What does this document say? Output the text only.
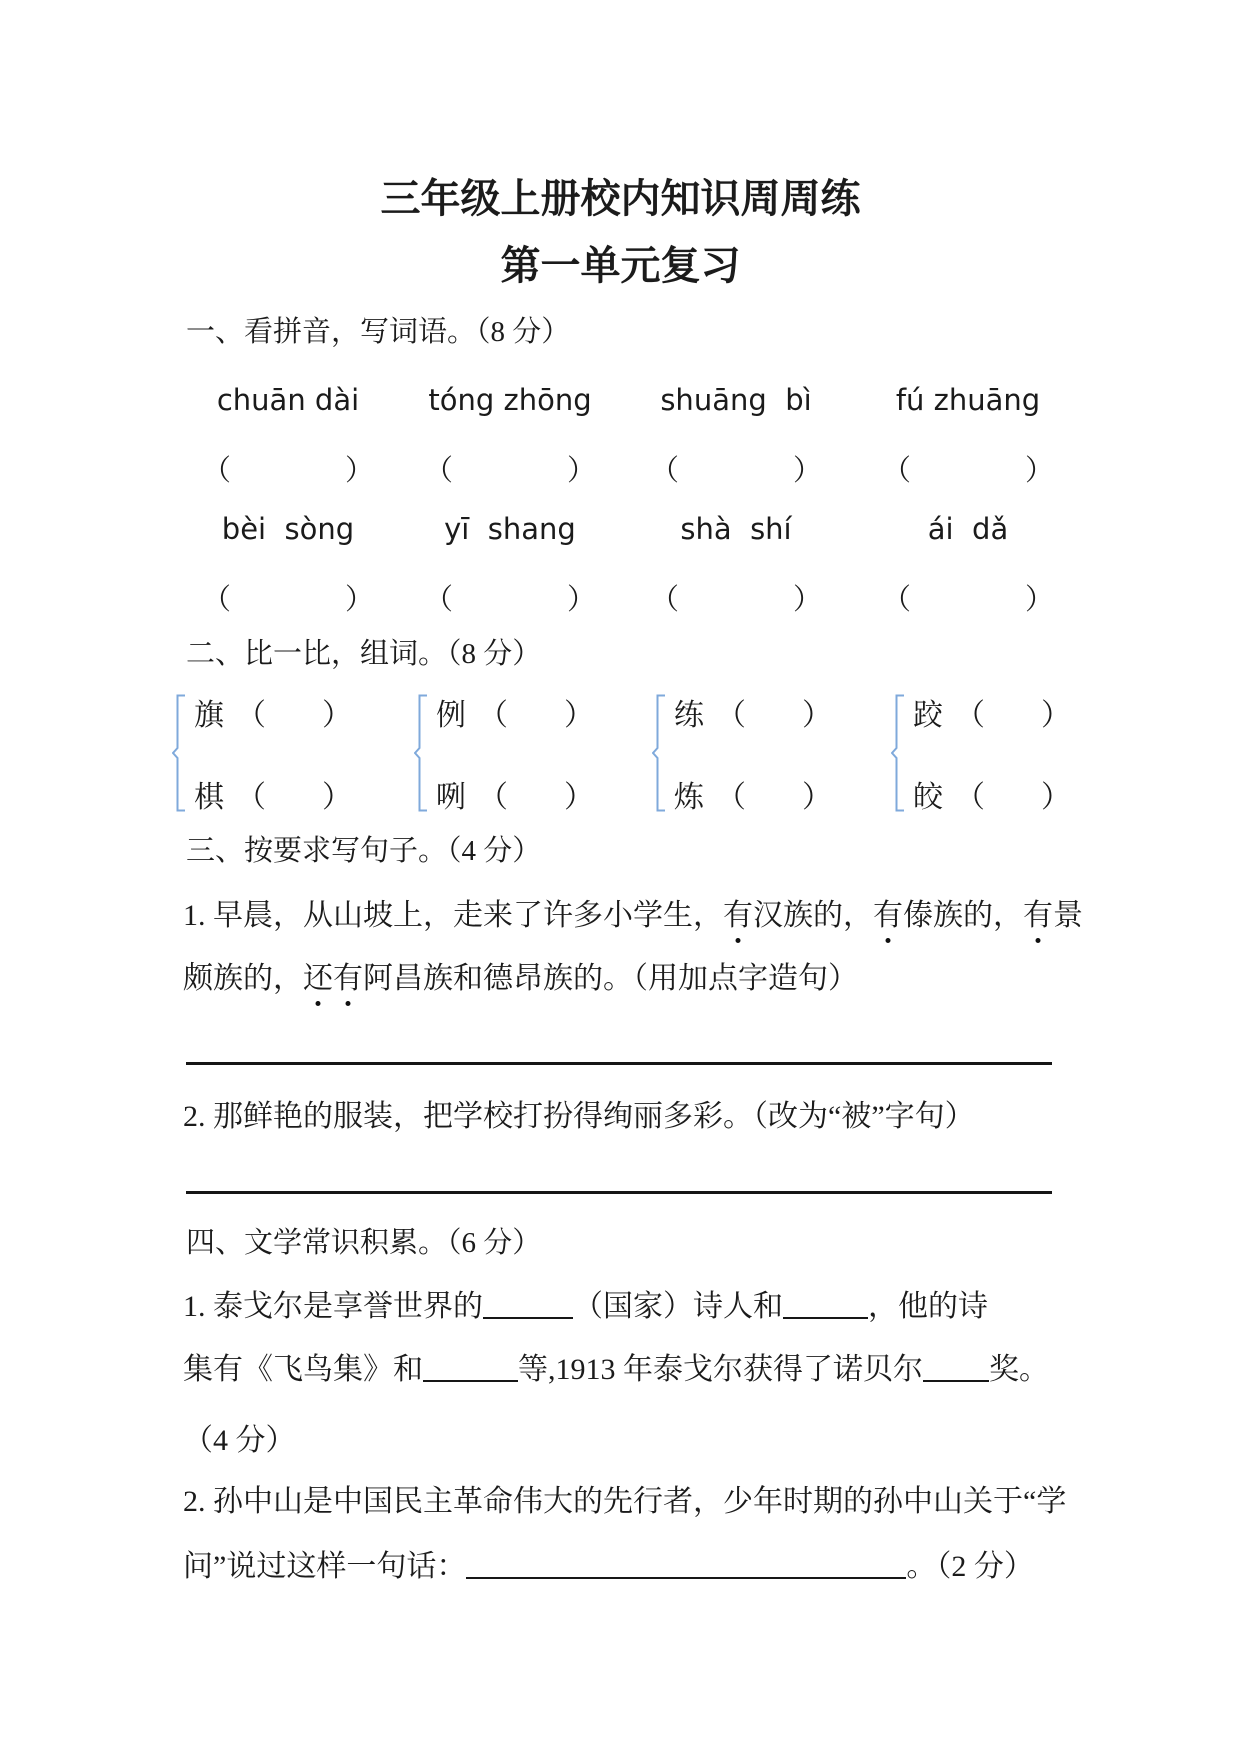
三年级上册校内知识周周练
第一单元复习
一、看拼音，写词语。（8 分）
chuān dài	tóng zhōng	shuāng  bì	fú zhuāng
（	） （	） （	） （	）
bèi  sòng	yī  shang	shà  shí	ái  dǎ
（	） （	） （	） （	）
二、比一比，组词。（8 分）
旗 （ ）
棋 （ ）
例 （ ）
咧 （ ）
练 （ ）
炼 （ ）
跤 （ ）
皎 （ ）
三、按要求写句子。（4 分）
1. 早晨，从山坡上，走来了许多小学生，有汉族的，有傣族的，有景
颇族的，还有阿昌族和德昂族的。（用加点字造句）
2. 那鲜艳的服装，把学校打扮得绚丽多彩。（改为“被”字句）
四、文学常识积累。（6 分）
1. 泰戈尔是享誉世界的	（国家）诗人和	，他的诗
集有《飞鸟集》和	等,1913 年泰戈尔获得了诺贝尔 奖。
（4 分）
2. 孙中山是中国民主革命伟大的先行者，少年时期的孙中山关于“学
问”说过这样一句话：	。（2 分）
